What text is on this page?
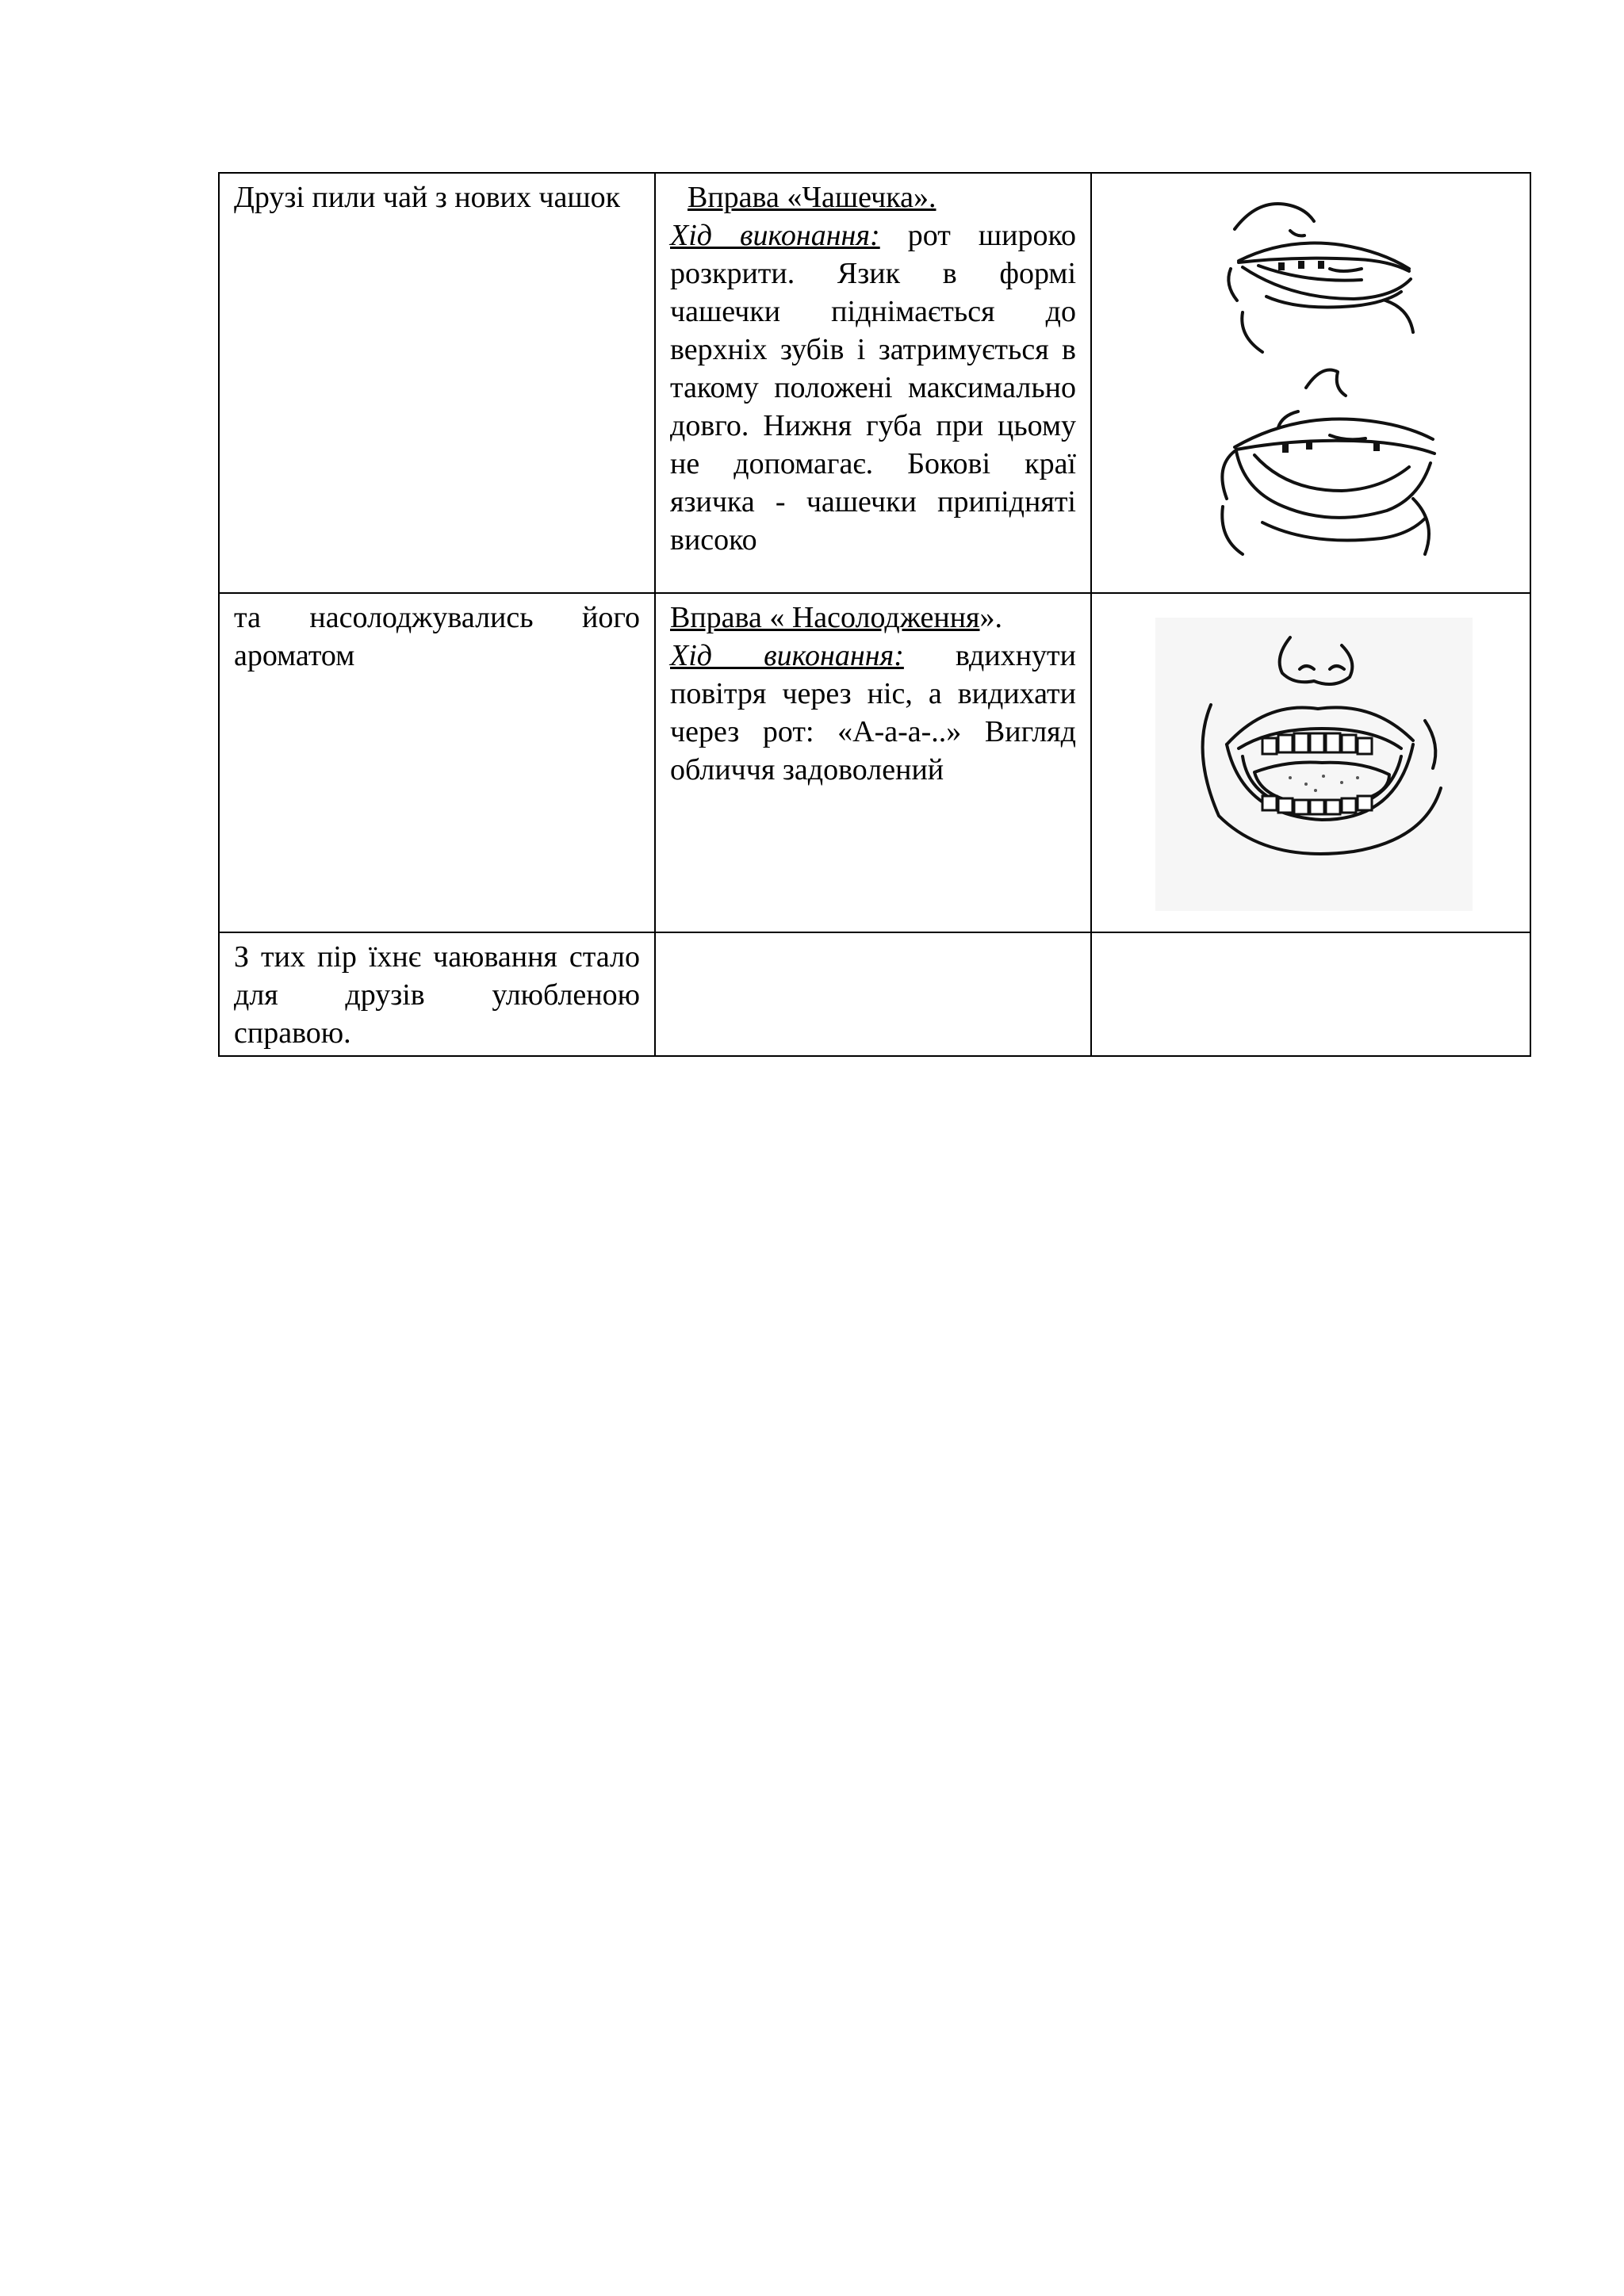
Друзі пили чай з нових чашок	Вправа «Чашечка».
Хід виконання: рот широко розкрити. Язик в формі чашечки піднімається до верхніх зубів і затримується в такому положені максимально довго. Нижня губа при цьому не допомагає. Бокові краї язичка - чашечки припідняті високо	

та насолоджувались його ароматом	Вправа « Насолодження».
Хід виконання: вдихнути повітря через ніс, а видихати через рот: «А-а-а-..» Вигляд обличчя задоволений	

З тих пір їхнє чаювання стало для друзів улюбленою справою.		
